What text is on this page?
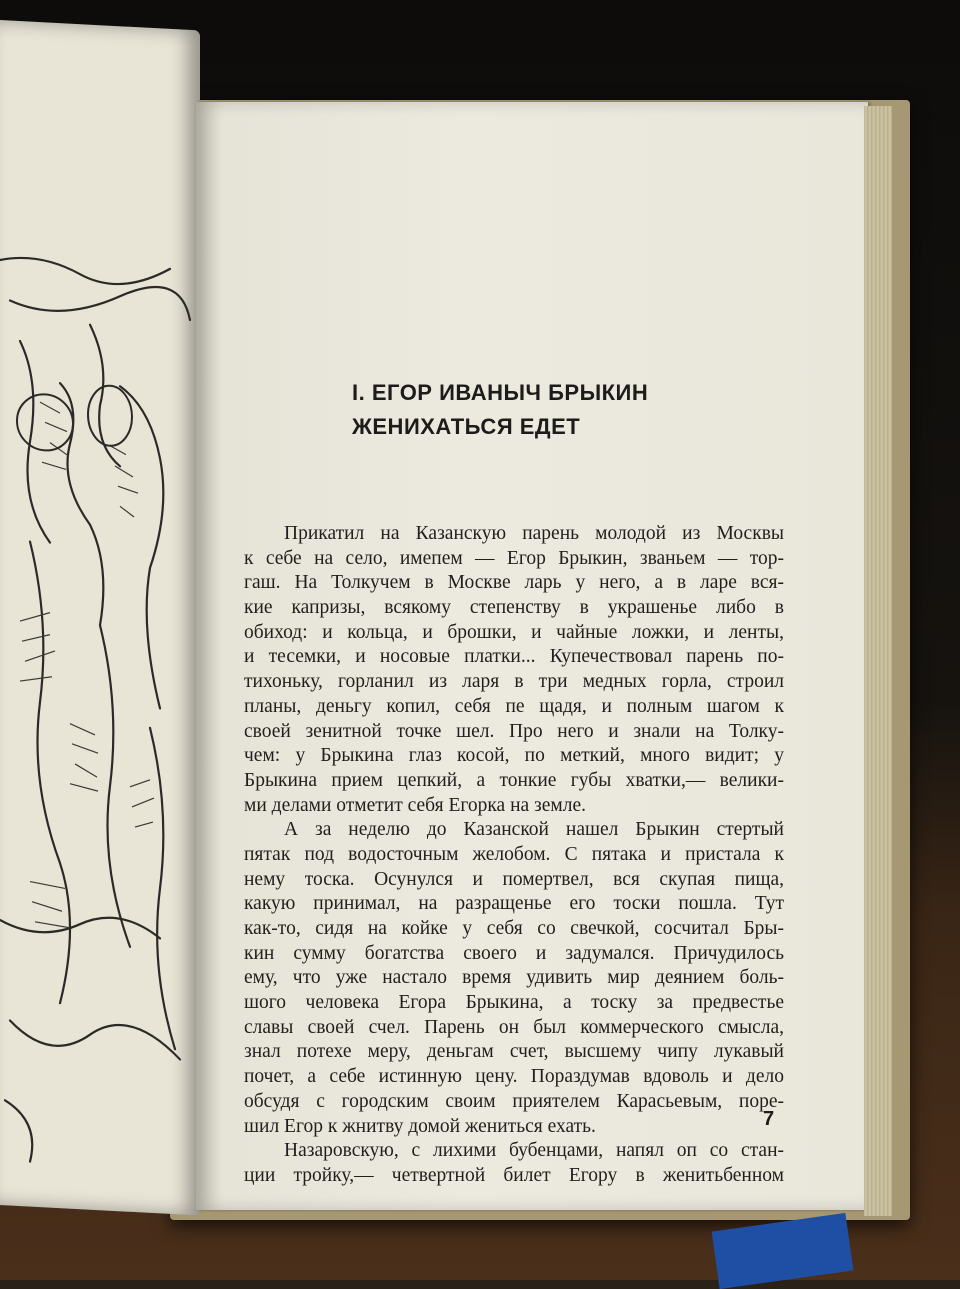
I. ЕГОР ИВАНЫЧ БРЫКИН
ЖЕНИХАТЬСЯ ЕДЕТ
Прикатил на Казанскую парень молодой из Москвы
к себе на село, имепем — Егор Брыкин, званьем — тор-
гаш. На Толкучем в Москве ларь у него, а в ларе вся-
кие капризы, всякому степенству в украшенье либо в
обиход: и кольца, и брошки, и чайные ложки, и ленты,
и тесемки, и носовые платки... Купечествовал парень по-
тихоньку, горланил из ларя в три медных горла, строил
планы, деньгу копил, себя пе щадя, и полным шагом к
своей зенитной точке шел. Про него и знали на Толку-
чем: у Брыкина глаз косой, по меткий, много видит; у
Брыкина прием цепкий, а тонкие губы хватки,— велики-
ми делами отметит себя Егорка на земле.
А за неделю до Казанской нашел Брыкин стертый
пятак под водосточным желобом. С пятака и пристала к
нему тоска. Осунулся и помертвел, вся скупая пища,
какую принимал, на разращенье его тоски пошла. Тут
как-то, сидя на койке у себя со свечкой, сосчитал Бры-
кин сумму богатства своего и задумался. Причудилось
ему, что уже настало время удивить мир деянием боль-
шого человека Егора Брыкина, а тоску за предвестье
славы своей счел. Парень он был коммерческого смысла,
знал потехе меру, деньгам счет, высшему чипу лукавый
почет, а себе истинную цену. Пораздумав вдоволь и дело
обсудя с городским своим приятелем Карасьевым, поре-
шил Егор к жнитву домой жениться ехать.
Назаровскую, с лихими бубенцами, напял оп со стан-
ции тройку,— четвертной билет Егору в женитьбенном
7
